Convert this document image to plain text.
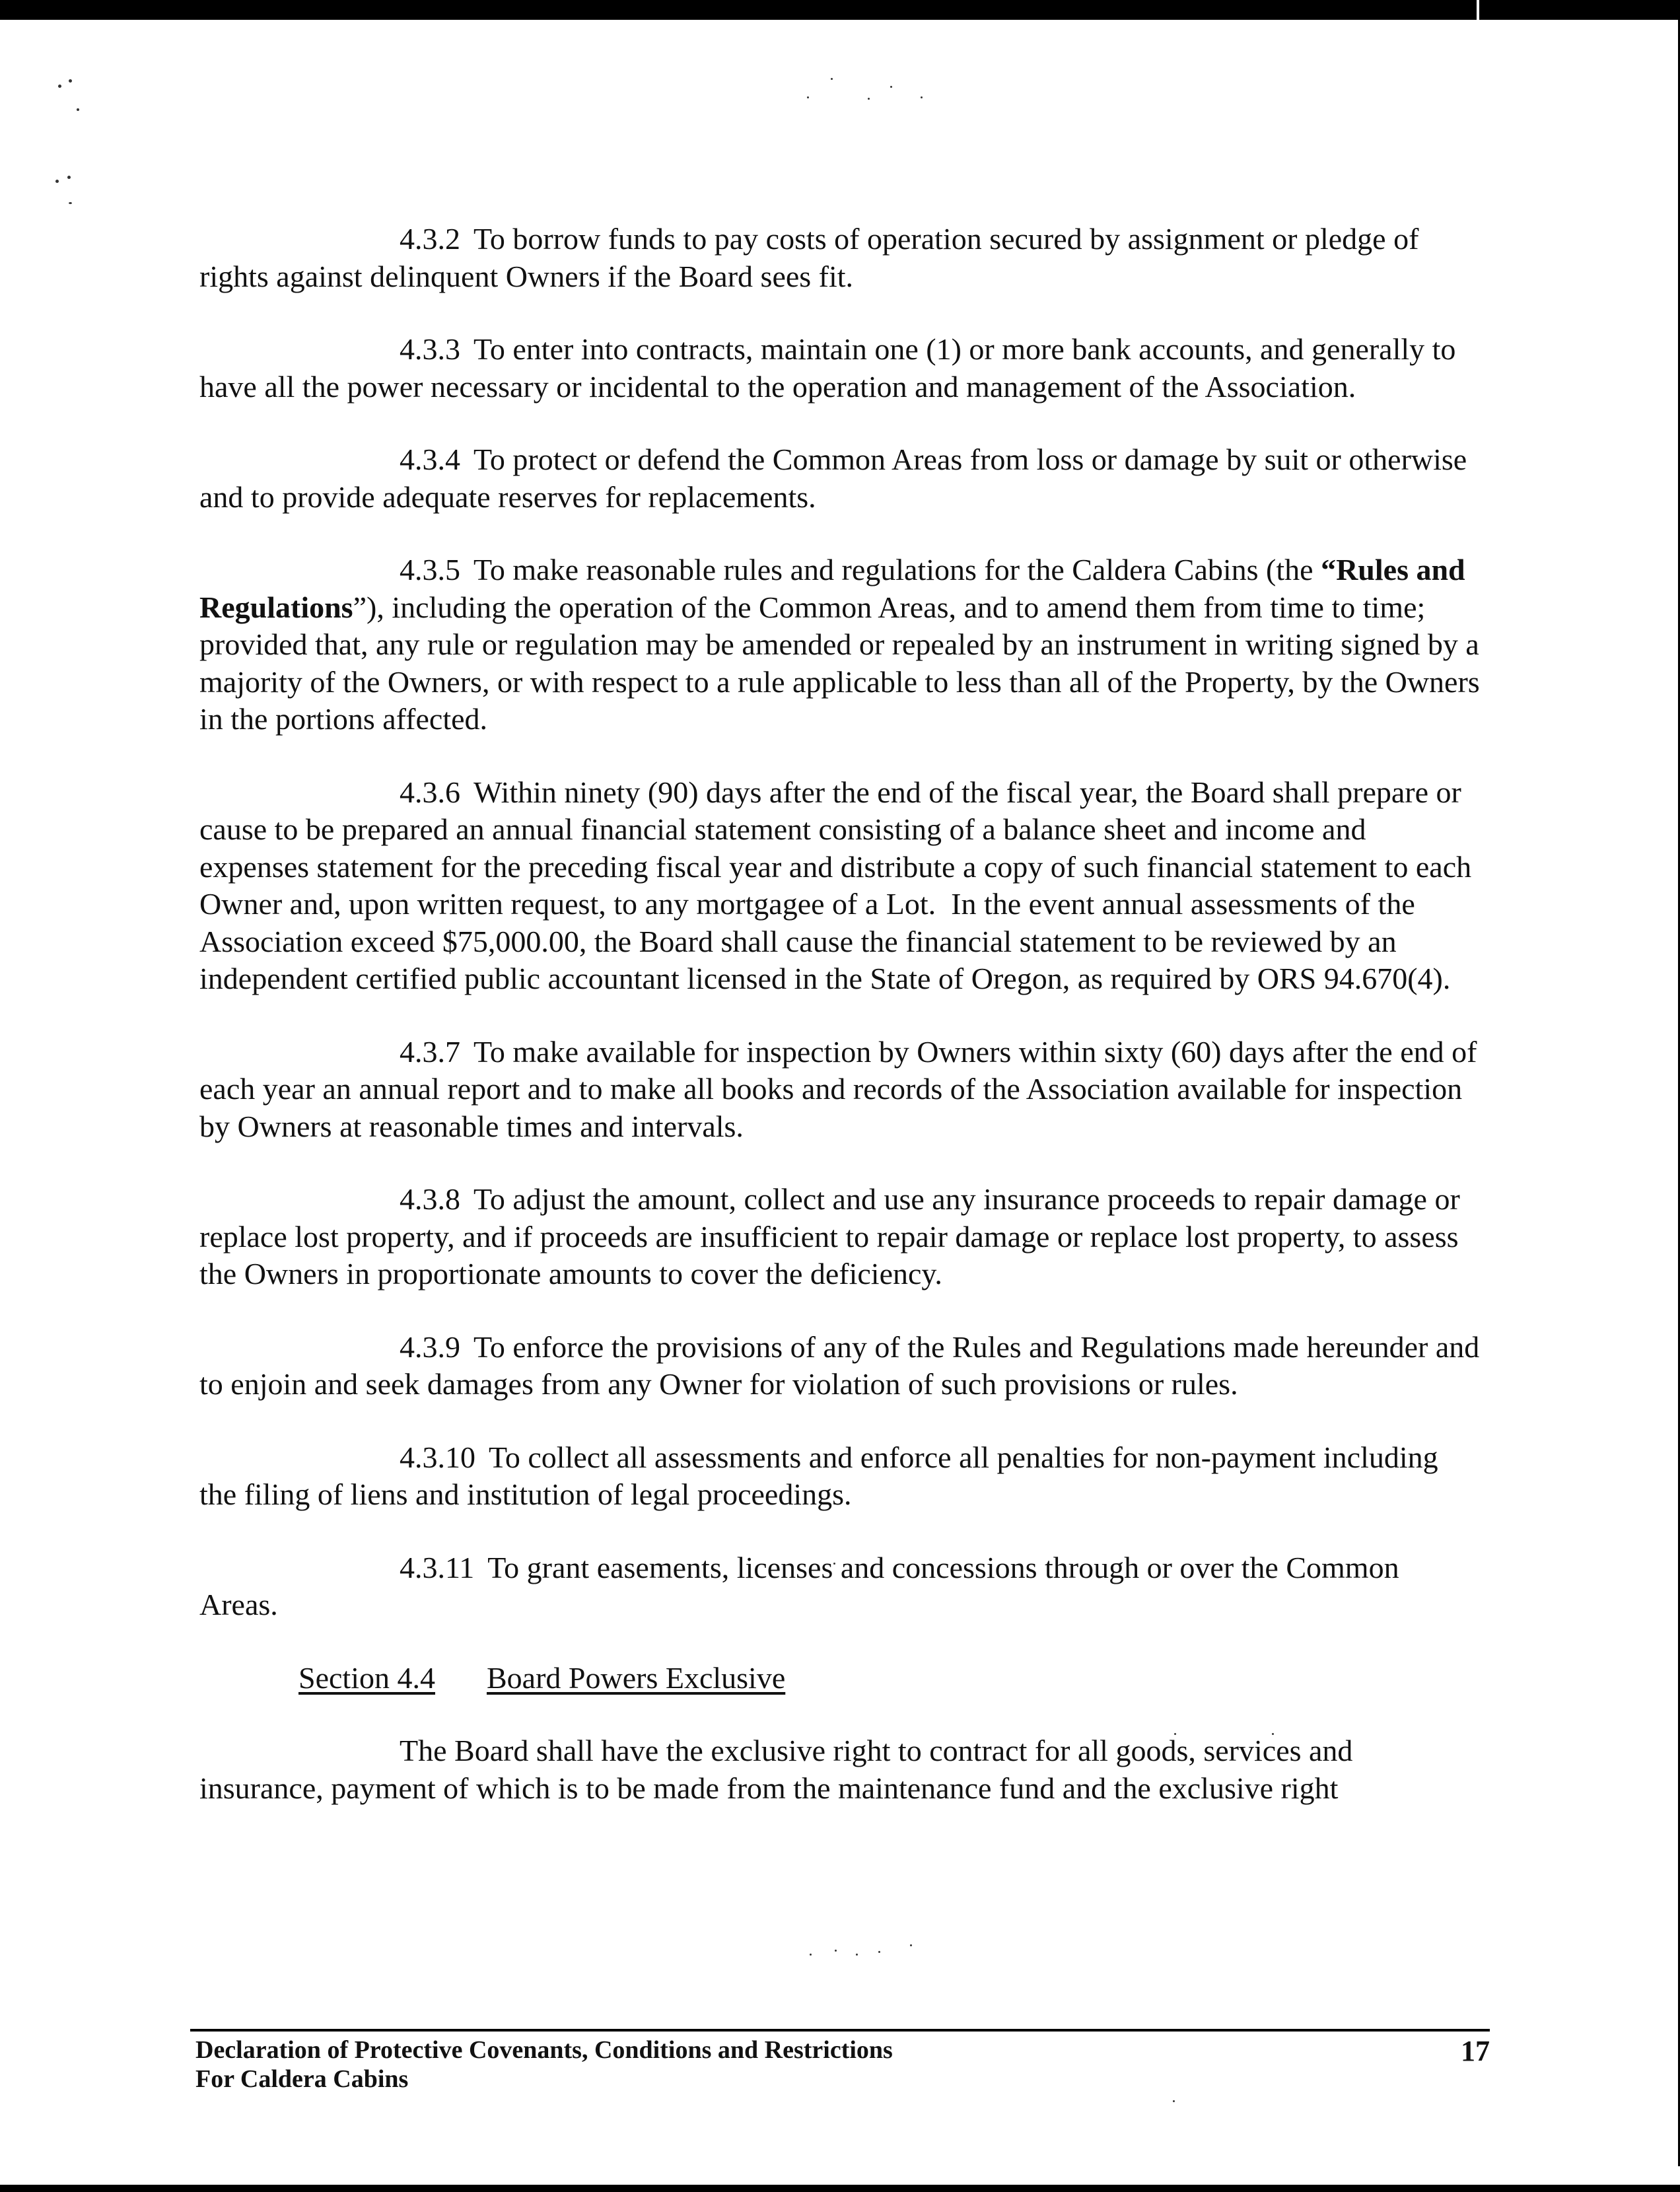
4.3.2 To borrow funds to pay costs of operation secured by assignment or pledge of rights against delinquent Owners if the Board sees fit.

4.3.3 To enter into contracts, maintain one (1) or more bank accounts, and generally to have all the power necessary or incidental to the operation and management of the Association.

4.3.4 To protect or defend the Common Areas from loss or damage by suit or otherwise and to provide adequate reserves for replacements.

4.3.5 To make reasonable rules and regulations for the Caldera Cabins (the “Rules and Regulations”), including the operation of the Common Areas, and to amend them from time to time; provided that, any rule or regulation may be amended or repealed by an instrument in writing signed by a majority of the Owners, or with respect to a rule applicable to less than all of the Property, by the Owners in the portions affected.

4.3.6 Within ninety (90) days after the end of the fiscal year, the Board shall prepare or cause to be prepared an annual financial statement consisting of a balance sheet and income and expenses statement for the preceding fiscal year and distribute a copy of such financial statement to each Owner and, upon written request, to any mortgagee of a Lot.  In the event annual assessments of the Association exceed $75,000.00, the Board shall cause the financial statement to be reviewed by an independent certified public accountant licensed in the State of Oregon, as required by ORS 94.670(4).

4.3.7 To make available for inspection by Owners within sixty (60) days after the end of each year an annual report and to make all books and records of the Association available for inspection by Owners at reasonable times and intervals.

4.3.8 To adjust the amount, collect and use any insurance proceeds to repair damage or replace lost property, and if proceeds are insufficient to repair damage or replace lost property, to assess the Owners in proportionate amounts to cover the deficiency.

4.3.9 To enforce the provisions of any of the Rules and Regulations made hereunder and to enjoin and seek damages from any Owner for violation of such provisions or rules.

4.3.10 To collect all assessments and enforce all penalties for non-payment including the filing of liens and institution of legal proceedings.

4.3.11 To grant easements, licenses and concessions through or over the Common Areas.

Section 4.4 Board Powers Exclusive

The Board shall have the exclusive right to contract for all goods, services and insurance, payment of which is to be made from the maintenance fund and the exclusive right

Declaration of Protective Covenants, Conditions and Restrictions
For Caldera Cabins
17
